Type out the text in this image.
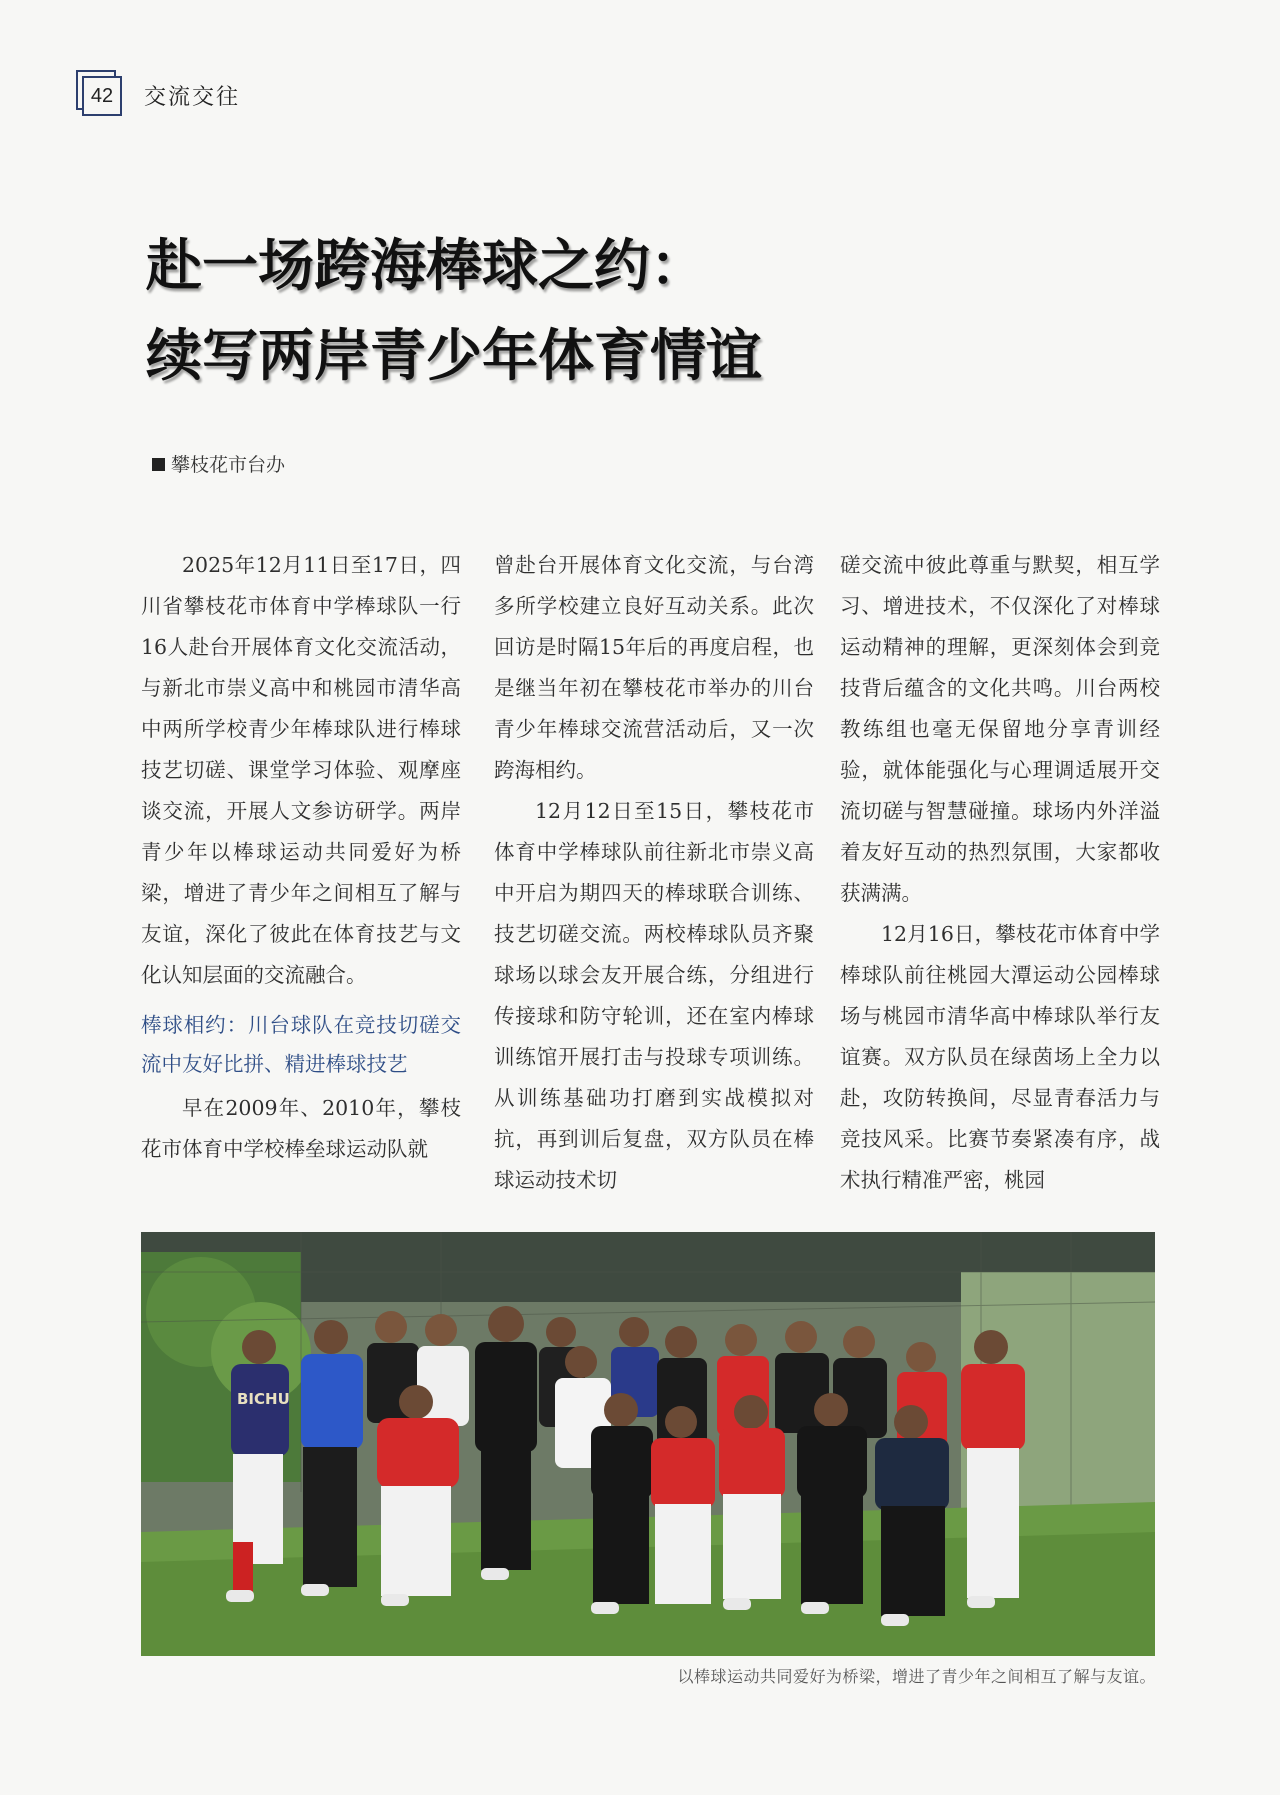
42	交流交往
赴一场跨海棒球之约：
续写两岸青少年体育情谊
攀枝花市台办

2025年12月11日至17日，四川省攀枝花市体育中学棒球队一行16人赴台开展体育文化交流活动，与新北市崇义高中和桃园市清华高中两所学校青少年棒球队进行棒球技艺切磋、课堂学习体验、观摩座谈交流，开展人文参访研学。两岸青少年以棒球运动共同爱好为桥梁，增进了青少年之间相互了解与友谊，深化了彼此在体育技艺与文化认知层面的交流融合。

棒球相约：川台球队在竞技切磋交流中友好比拼、精进棒球技艺

早在2009年、2010年，攀枝花市体育中学校棒垒球运动队就

曾赴台开展体育文化交流，与台湾多所学校建立良好互动关系。此次回访是时隔15年后的再度启程，也是继当年初在攀枝花市举办的川台青少年棒球交流营活动后，又一次跨海相约。

12月12日至15日，攀枝花市体育中学棒球队前往新北市崇义高中开启为期四天的棒球联合训练、技艺切磋交流。两校棒球队员齐聚球场以球会友开展合练，分组进行传接球和防守轮训，还在室内棒球训练馆开展打击与投球专项训练。从训练基础功打磨到实战模拟对抗，再到训后复盘，双方队员在棒球运动技术切

磋交流中彼此尊重与默契，相互学习、增进技术，不仅深化了对棒球运动精神的理解，更深刻体会到竞技背后蕴含的文化共鸣。川台两校教练组也毫无保留地分享青训经验，就体能强化与心理调适展开交流切磋与智慧碰撞。球场内外洋溢着友好互动的热烈氛围，大家都收获满满。

12月16日，攀枝花市体育中学棒球队前往桃园大潭运动公园棒球场与桃园市清华高中棒球队举行友谊赛。双方队员在绿茵场上全力以赴，攻防转换间，尽显青春活力与竞技风采。比赛节奏紧凑有序，战术执行精准严密，桃园

BICHU
以棒球运动共同爱好为桥梁，增进了青少年之间相互了解与友谊。
